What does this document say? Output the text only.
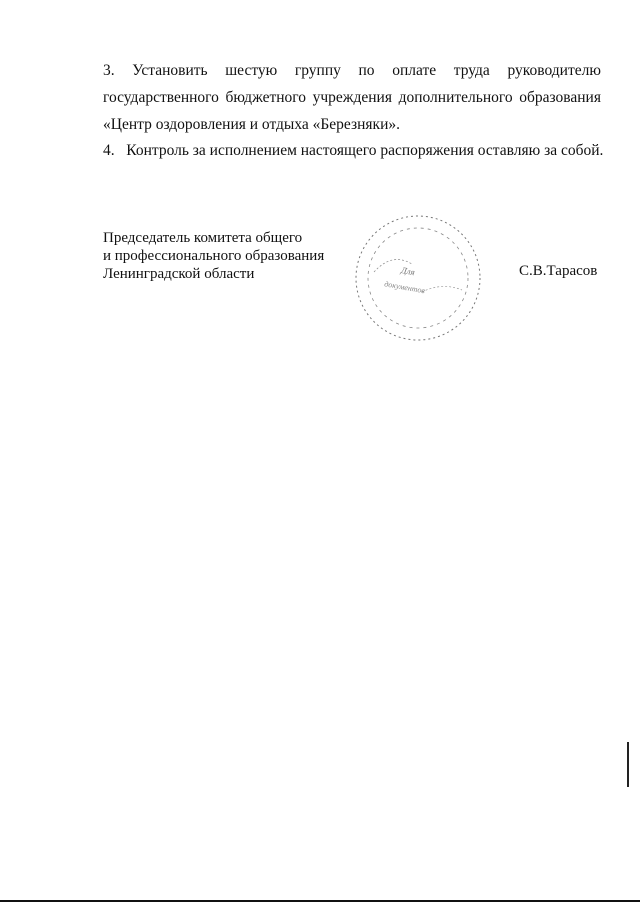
3. Установить шестую группу по оплате труда руководителю
государственного бюджетного учреждения дополнительного образования
«Центр оздоровления и отдыха «Березняки».
4. Контроль за исполнением настоящего распоряжения оставляю за собой.
Председатель комитета общего
и профессионального образования
Ленинградской области	Для
документов
С.В.Тарасов
